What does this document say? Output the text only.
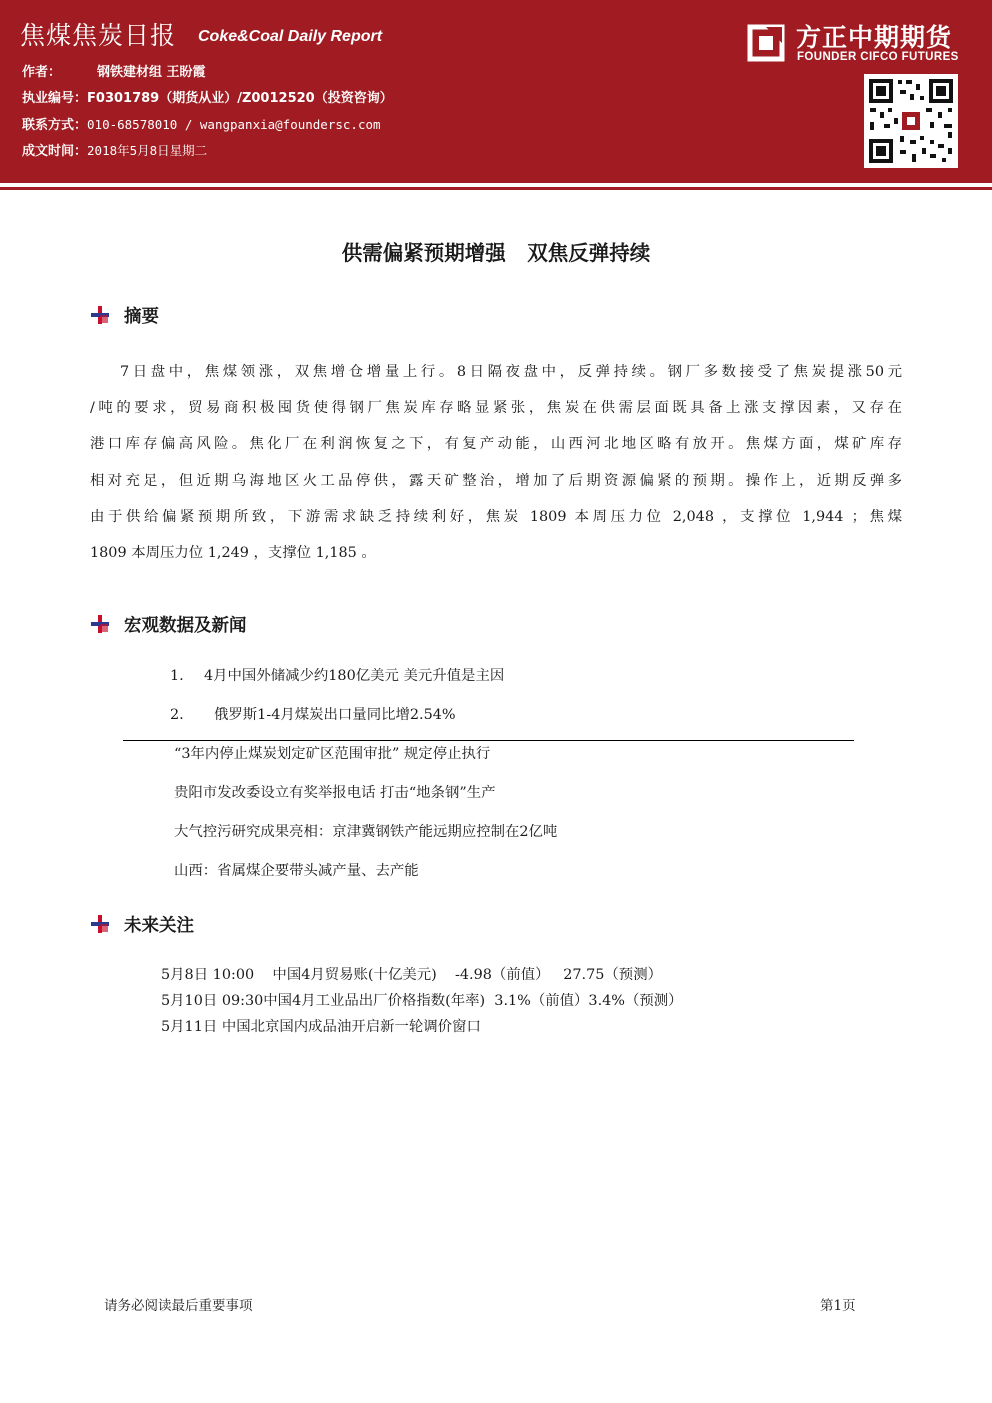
焦煤焦炭日报 Coke&Coal Daily Report
作者：	钢铁建材组 王盼霞
执业编号：F0301789（期货从业）/Z0012520（投资咨询）
联系方式：010-68578010 / wangpanxia@foundersc.com
成文时间：2018年5月8日星期二
方正中期期货
FOUNDER CIFCO FUTURES
供需偏紧预期增强   双焦反弹持续
摘要
7日盘中，焦煤领涨，双焦增仓增量上行。8日隔夜盘中，反弹持续。钢厂多数接受了焦炭提涨50元
/吨的要求，贸易商积极囤货使得钢厂焦炭库存略显紧张，焦炭在供需层面既具备上涨支撑因素，又存在
港口库存偏高风险。焦化厂在利润恢复之下，有复产动能，山西河北地区略有放开。焦煤方面，煤矿库存
相对充足，但近期乌海地区火工品停供，露天矿整治，增加了后期资源偏紧的预期。操作上，近期反弹多
由于供给偏紧预期所致，下游需求缺乏持续利好，焦炭 1809 本周压力位 2,048 ，支撑位 1,944 ；焦煤
1809 本周压力位 1,249 ，支撑位 1,185 。
宏观数据及新闻
1. 4月中国外储减少约180亿美元 美元升值是主因
2. 俄罗斯1-4月煤炭出口量同比增2.54%
“3年内停止煤炭划定矿区范围审批” 规定停止执行
贵阳市发改委设立有奖举报电话 打击“地条钢”生产
大气控污研究成果亮相：京津冀钢铁产能远期应控制在2亿吨
山西：省属煤企要带头减产量、去产能
未来关注
5月8日 10:00    中国4月贸易账(十亿美元)    -4.98（前值）   27.75（预测）
5月10日 09:30中国4月工业品出厂价格指数(年率)  3.1%（前值）3.4%（预测）
5月11日 中国北京国内成品油开启新一轮调价窗口
请务必阅读最后重要事项	第1页
